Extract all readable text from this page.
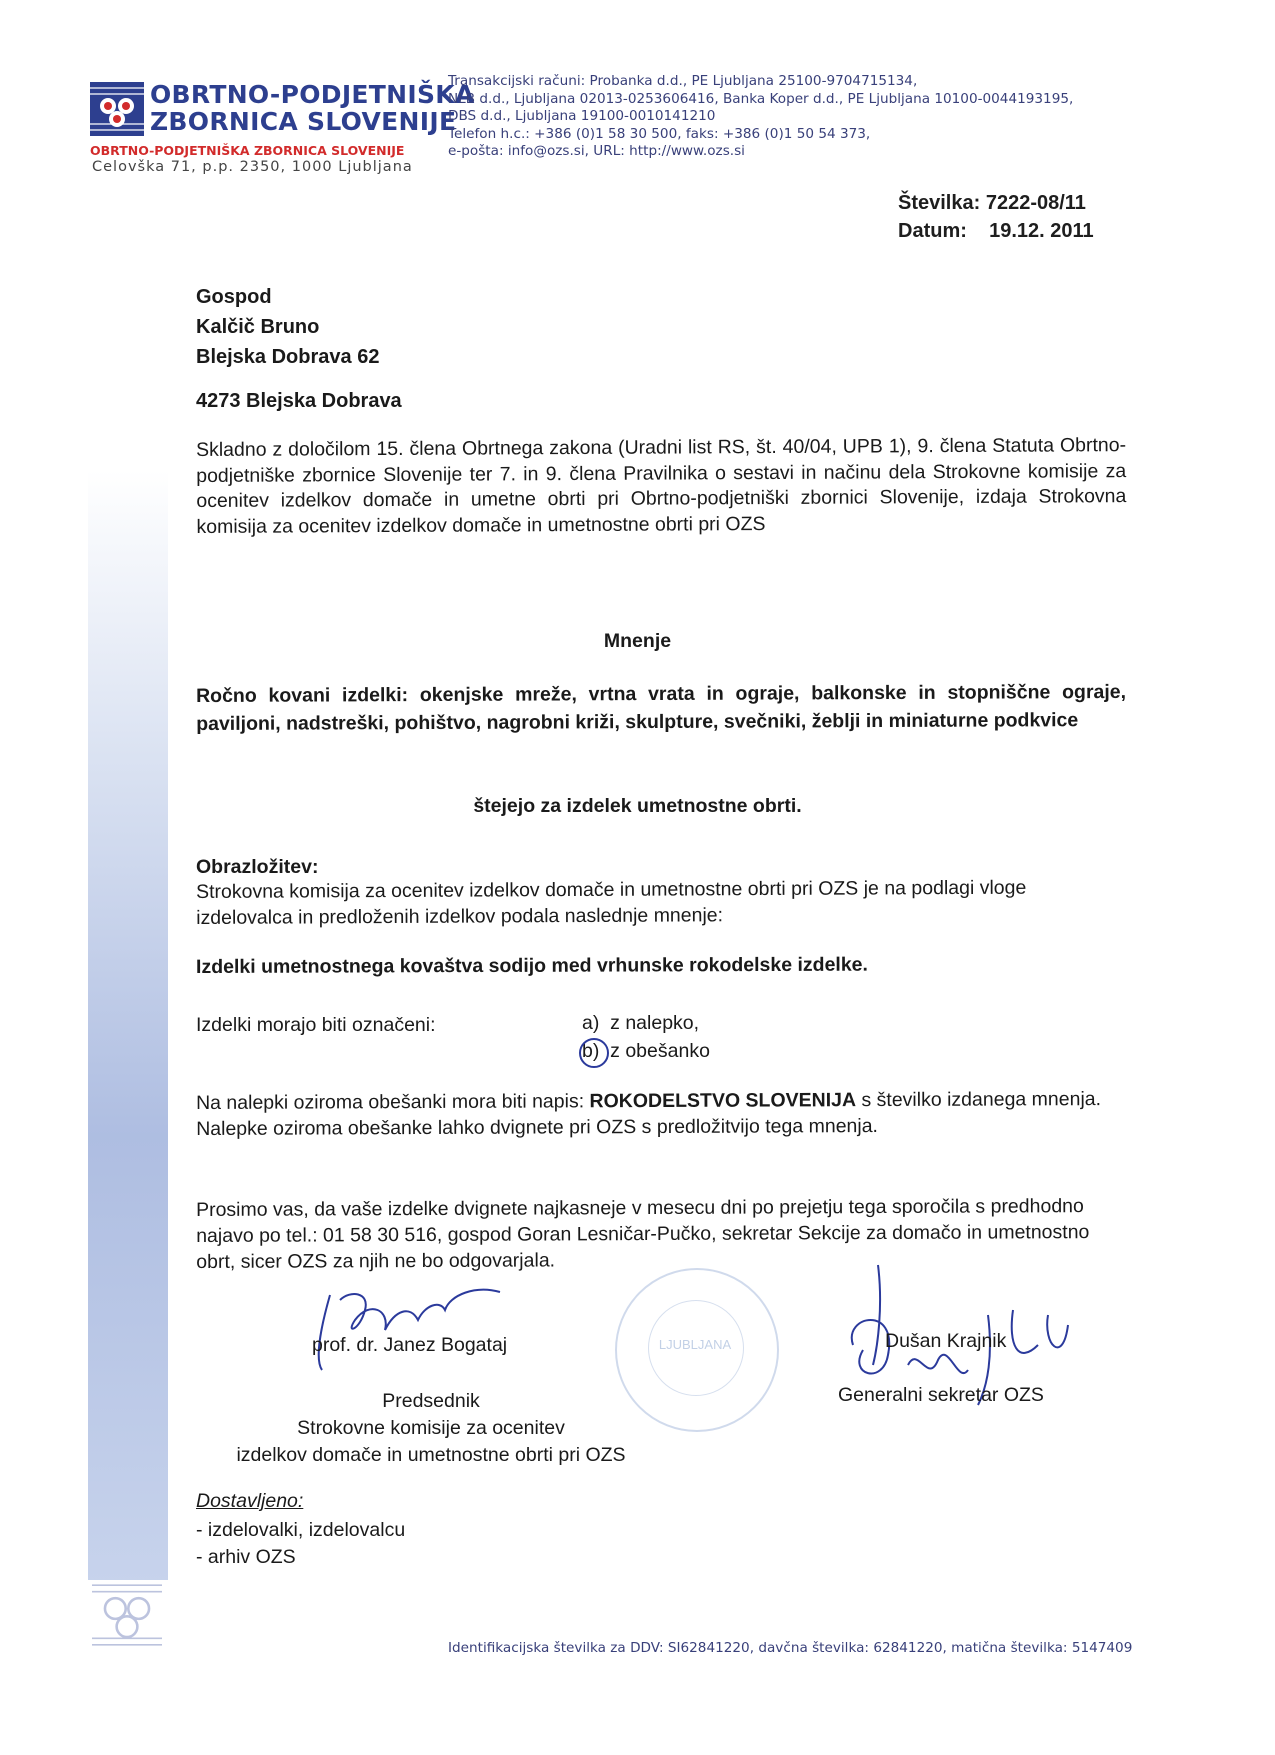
OBRTNO-PODJETNIŠKA
ZBORNICA SLOVENIJE
OBRTNO-PODJETNIŠKA ZBORNICA SLOVENIJE
Celovška 71, p.p. 2350, 1000 Ljubljana
Transakcijski računi: Probanka d.d., PE Ljubljana 25100-9704715134,
NLB d.d., Ljubljana 02013-0253606416, Banka Koper d.d., PE Ljubljana 10100-0044193195,
DBS d.d., Ljubljana 19100-0010141210
Telefon h.c.: +386 (0)1 58 30 500, faks: +386 (0)1 50 54 373,
e-pošta: info@ozs.si, URL: http://www.ozs.si
Številka: 7222-08/11
Datum:    19.12. 2011
Gospod
Kalčič Bruno
Blejska Dobrava 62
4273 Blejska Dobrava
Skladno z določilom 15. člena Obrtnega zakona (Uradni list RS, št. 40/04, UPB 1), 9. člena Statuta Obrtno-podjetniške zbornice Slovenije ter 7. in 9. člena Pravilnika o sestavi in načinu dela Strokovne komisije za ocenitev izdelkov domače in umetne obrti pri Obrtno-podjetniški zbornici Slovenije, izdaja Strokovna komisija za ocenitev izdelkov domače in umetnostne obrti pri OZS
Mnenje
Ročno kovani izdelki: okenjske mreže, vrtna vrata in ograje, balkonske in stopniščne ograje, paviljoni, nadstreški, pohištvo, nagrobni križi, skulpture, svečniki, žeblji in miniaturne podkvice
štejejo za izdelek umetnostne obrti.
Obrazložitev:
Strokovna komisija za ocenitev izdelkov domače in umetnostne obrti pri OZS je na podlagi vloge izdelovalca in predloženih izdelkov podala naslednje mnenje:
Izdelki umetnostnega kovaštva sodijo med vrhunske rokodelske izdelke.
Izdelki morajo biti označeni:	a)  z nalepko,
b)  z obešanko
Na nalepki oziroma obešanki mora biti napis: ROKODELSTVO SLOVENIJA s številko izdanega mnenja.
Nalepke oziroma obešanke lahko dvignete pri OZS s predložitvijo tega mnenja.
Prosimo vas, da vaše izdelke dvignete najkasneje v mesecu dni po prejetju tega sporočila s predhodno najavo po tel.: 01 58 30 516, gospod Goran Lesničar-Pučko, sekretar Sekcije za domačo in umetnostno obrt, sicer OZS za njih ne bo odgovarjala.
LJUBLJANA
prof. dr. Janez Bogataj
Predsednik
Strokovne komisije za ocenitev
izdelkov domače in umetnostne obrti pri OZS
Dušan Krajnik
Generalni sekretar OZS
Dostavljeno:
- izdelovalki, izdelovalcu
- arhiv OZS
Identifikacijska številka za DDV: SI62841220, davčna številka: 62841220, matična številka: 5147409
